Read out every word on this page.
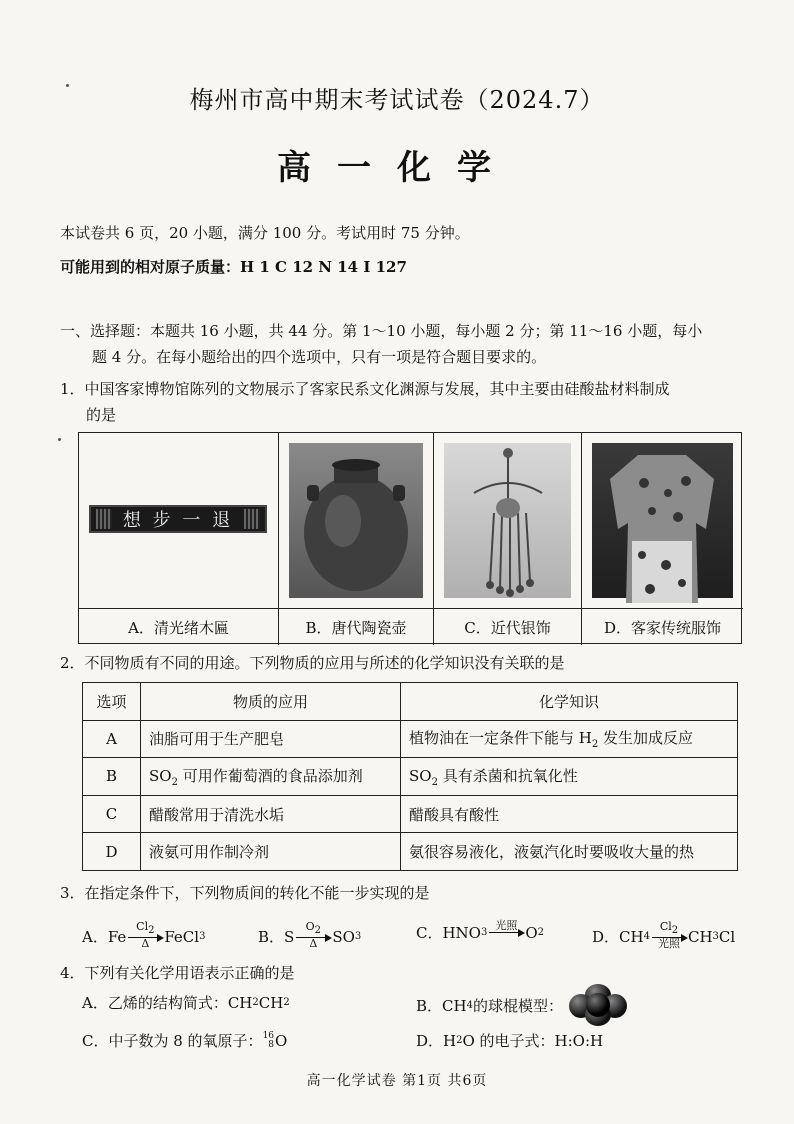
梅州市高中期末考试试卷（2024.7）
高一化学
本试卷共 6 页，20 小题，满分 100 分。考试用时 75 分钟。
可能用到的相对原子质量：H 1 C 12 N 14 I 127
一、选择题：本题共 16 小题，共 44 分。第 1～10 小题，每小题 2 分；第 11～16 小题，每小
题 4 分。在每小题给出的四个选项中，只有一项是符合题目要求的。
1．中国客家博物馆陈列的文物展示了客家民系文化渊源与发展，其中主要由硅酸盐材料制成
的是
想 步 一 退
A．清光绪木匾	B．唐代陶瓷壶	C．近代银饰	D．客家传统服饰
2．不同物质有不同的用途。下列物质的应用与所述的化学知识没有关联的是
选项	物质的应用	化学知识
A	油脂可用于生产肥皂	植物油在一定条件下能与 $H_2$ 发生加成反应
B	$SO_2$ 可用作葡萄酒的食品添加剂	$SO_2$ 具有杀菌和抗氧化性
C	醋酸常用于清洗水垢	醋酸具有酸性
D	液氨可用作制冷剂	氨很容易液化，液氨汽化时要吸收大量的热
3．在指定条件下，下列物质间的转化不能一步实现的是
A．Fe
$Cl_2$
Δ FeCl 3	B．S
$O_2$
Δ SO 3	C．HNO 3
光照 O 2	D．CH 4
$Cl_2$
光照 CH 3 Cl
4．下列有关化学用语表示正确的是
A．乙烯的结构简式：CH 2 CH 2	B．CH 4 的球棍模型：
C．中子数为 8 的氧原子： 16
8 O	D．H 2 O 的电子式：H:O:H
高一化学试卷 第1页 共6页
